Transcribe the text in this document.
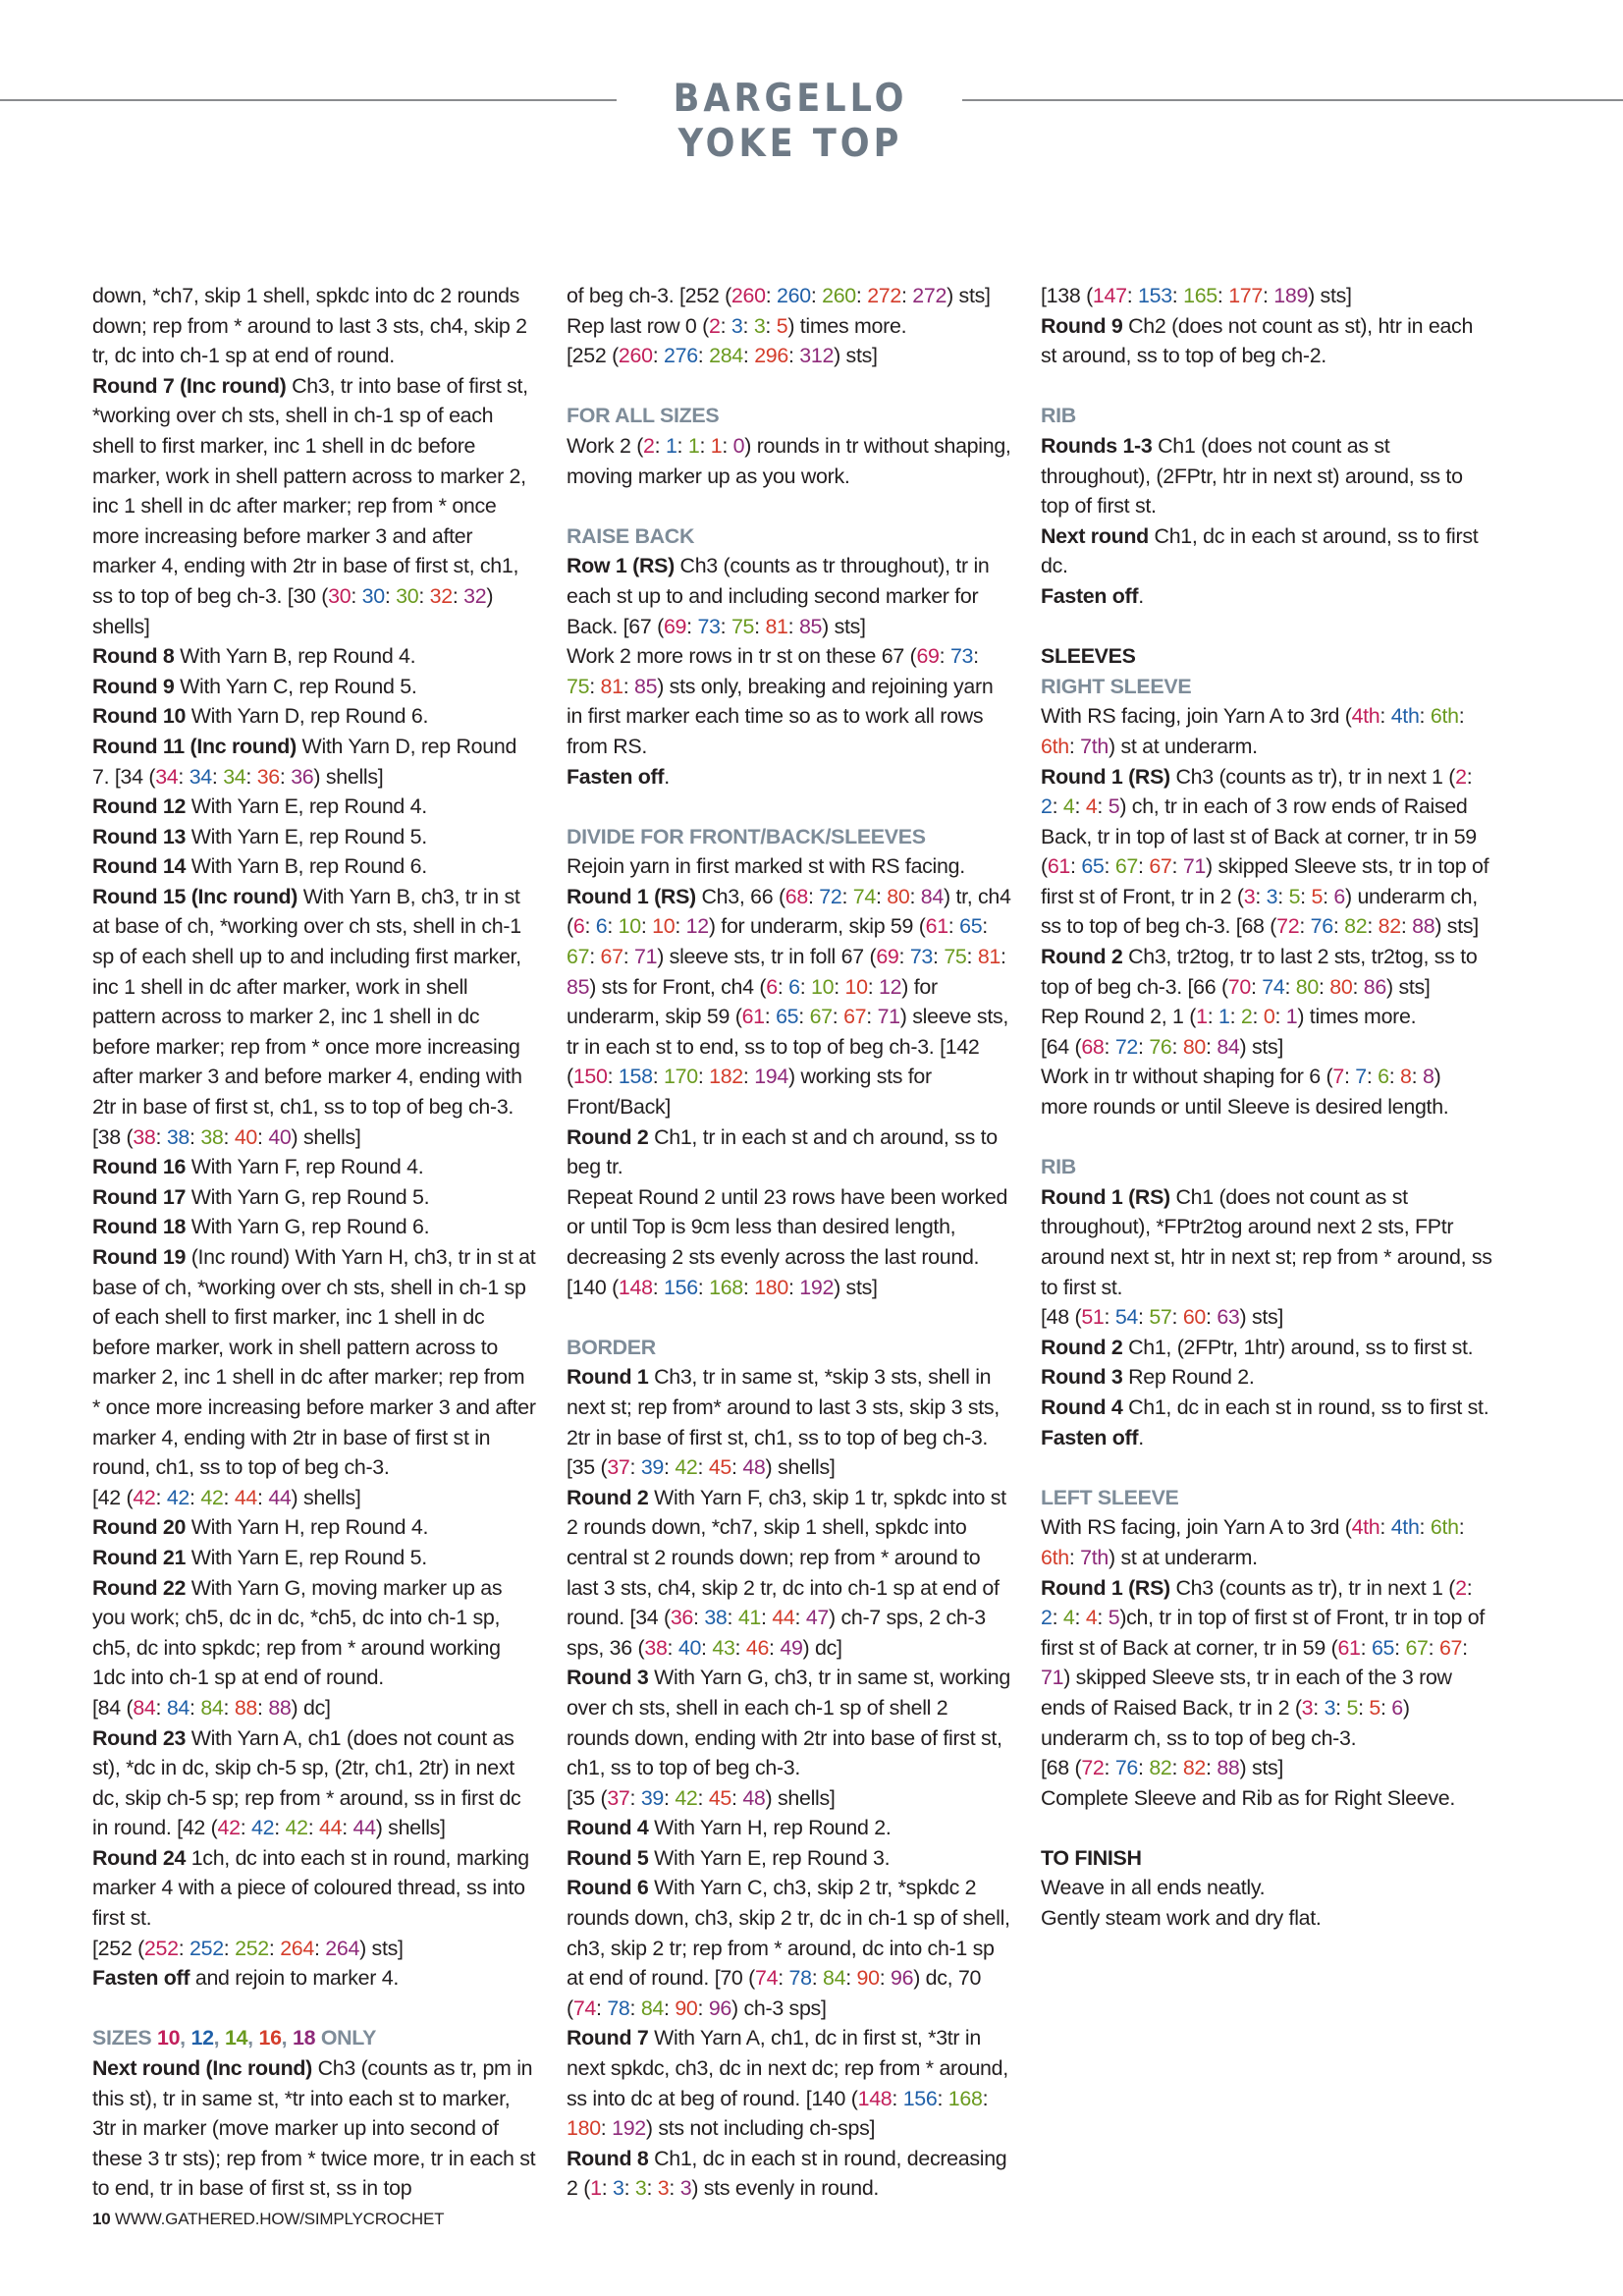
BARGELLO YOKE TOP

down, *ch7, skip 1 shell, spkdc into dc 2 rounds down; rep from * around to last 3 sts, ch4, skip 2 tr, dc into ch-1 sp at end of round.

Round 7 (Inc round) Ch3, tr into base of first st, *working over ch sts, shell in ch-1 sp of each shell to first marker, inc 1 shell in dc before marker, work in shell pattern across to marker 2, inc 1 shell in dc after marker; rep from * once more increasing before marker 3 and after marker 4, ending with 2tr in base of first st, ch1, ss to top of beg ch-3. [30 (30: 30: 30: 32: 32) shells]

Round 8 With Yarn B, rep Round 4.

Round 9 With Yarn C, rep Round 5.

Round 10 With Yarn D, rep Round 6.

Round 11 (Inc round) With Yarn D, rep Round 7. [34 (34: 34: 34: 36: 36) shells]

Round 12 With Yarn E, rep Round 4.

Round 13 With Yarn E, rep Round 5.

Round 14 With Yarn B, rep Round 6.

Round 15 (Inc round) With Yarn B, ch3, tr in st at base of ch, *working over ch sts, shell in ch-1 sp of each shell up to and including first marker, inc 1 shell in dc after marker, work in shell pattern across to marker 2, inc 1 shell in dc before marker; rep from * once more increasing after marker 3 and before marker 4, ending with 2tr in base of first st, ch1, ss to top of beg ch-3. [38 (38: 38: 38: 40: 40) shells]

Round 16 With Yarn F, rep Round 4.

Round 17 With Yarn G, rep Round 5.

Round 18 With Yarn G, rep Round 6.

Round 19 (Inc round) With Yarn H, ch3, tr in st at base of ch, *working over ch sts, shell in ch-1 sp of each shell to first marker, inc 1 shell in dc before marker, work in shell pattern across to marker 2, inc 1 shell in dc after marker; rep from * once more increasing before marker 3 and after marker 4, ending with 2tr in base of first st in round, ch1, ss to top of beg ch-3.

[42 (42: 42: 42: 44: 44) shells]

Round 20 With Yarn H, rep Round 4.

Round 21 With Yarn E, rep Round 5.

Round 22 With Yarn G, moving marker up as you work; ch5, dc in dc, *ch5, dc into ch-1 sp, ch5, dc into spkdc; rep from * around working 1dc into ch-1 sp at end of round.

[84 (84: 84: 84: 88: 88) dc]

Round 23 With Yarn A, ch1 (does not count as st), *dc in dc, skip ch-5 sp, (2tr, ch1, 2tr) in next dc, skip ch-5 sp; rep from * around, ss in first dc in round. [42 (42: 42: 42: 44: 44) shells]

Round 24 1ch, dc into each st in round, marking marker 4 with a piece of coloured thread, ss into first st.

[252 (252: 252: 252: 264: 264) sts]

Fasten off and rejoin to marker 4.

SIZES 10, 12, 14, 16, 18 ONLY

Next round (Inc round) Ch3 (counts as tr, pm in this st), tr in same st, *tr into each st to marker, 3tr in marker (move marker up into second of these 3 tr sts); rep from * twice more, tr in each st to end, tr in base of first st, ss in top

of beg ch-3. [252 (260: 260: 260: 272: 272) sts]

Rep last row 0 (2: 3: 3: 5) times more.

[252 (260: 276: 284: 296: 312) sts]

FOR ALL SIZES

Work 2 (2: 1: 1: 1: 0) rounds in tr without shaping, moving marker up as you work.

RAISE BACK

Row 1 (RS) Ch3 (counts as tr throughout), tr in each st up to and including second marker for Back. [67 (69: 73: 75: 81: 85) sts]

Work 2 more rows in tr st on these 67 (69: 73: 75: 81: 85) sts only, breaking and rejoining yarn in first marker each time so as to work all rows from RS.

Fasten off.

DIVIDE FOR FRONT/BACK/SLEEVES

Rejoin yarn in first marked st with RS facing.

Round 1 (RS) Ch3, 66 (68: 72: 74: 80: 84) tr, ch4 (6: 6: 10: 10: 12) for underarm, skip 59 (61: 65: 67: 67: 71) sleeve sts, tr in foll 67 (69: 73: 75: 81: 85) sts for Front, ch4 (6: 6: 10: 10: 12) for underarm, skip 59 (61: 65: 67: 67: 71) sleeve sts, tr in each st to end, ss to top of beg ch-3. [142 (150: 158: 170: 182: 194) working sts for Front/Back]

Round 2 Ch1, tr in each st and ch around, ss to beg tr.

Repeat Round 2 until 23 rows have been worked or until Top is 9cm less than desired length, decreasing 2 sts evenly across the last round. [140 (148: 156: 168: 180: 192) sts]

BORDER

Round 1 Ch3, tr in same st, *skip 3 sts, shell in next st; rep from* around to last 3 sts, skip 3 sts, 2tr in base of first st, ch1, ss to top of beg ch-3.

[35 (37: 39: 42: 45: 48) shells]

Round 2 With Yarn F, ch3, skip 1 tr, spkdc into st 2 rounds down, *ch7, skip 1 shell, spkdc into central st 2 rounds down; rep from * around to last 3 sts, ch4, skip 2 tr, dc into ch-1 sp at end of round. [34 (36: 38: 41: 44: 47) ch-7 sps, 2 ch-3 sps, 36 (38: 40: 43: 46: 49) dc]

Round 3 With Yarn G, ch3, tr in same st, working over ch sts, shell in each ch-1 sp of shell 2 rounds down, ending with 2tr into base of first st, ch1, ss to top of beg ch-3.

[35 (37: 39: 42: 45: 48) shells]

Round 4 With Yarn H, rep Round 2.

Round 5 With Yarn E, rep Round 3.

Round 6 With Yarn C, ch3, skip 2 tr, *spkdc 2 rounds down, ch3, skip 2 tr, dc in ch-1 sp of shell, ch3, skip 2 tr; rep from * around, dc into ch-1 sp at end of round. [70 (74: 78: 84: 90: 96) dc, 70 (74: 78: 84: 90: 96) ch-3 sps]

Round 7 With Yarn A, ch1, dc in first st, *3tr in next spkdc, ch3, dc in next dc; rep from * around, ss into dc at beg of round. [140 (148: 156: 168: 180: 192) sts not including ch-sps]

Round 8 Ch1, dc in each st in round, decreasing 2 (1: 3: 3: 3: 3) sts evenly in round.

[138 (147: 153: 165: 177: 189) sts]

Round 9 Ch2 (does not count as st), htr in each st around, ss to top of beg ch-2.

RIB

Rounds 1-3 Ch1 (does not count as st throughout), (2FPtr, htr in next st) around, ss to top of first st.

Next round Ch1, dc in each st around, ss to first dc.

Fasten off.

SLEEVES
RIGHT SLEEVE

With RS facing, join Yarn A to 3rd (4th: 4th: 6th: 6th: 7th) st at underarm.

Round 1 (RS) Ch3 (counts as tr), tr in next 1 (2: 2: 4: 4: 5) ch, tr in each of 3 row ends of Raised Back, tr in top of last st of Back at corner, tr in 59 (61: 65: 67: 67: 71) skipped Sleeve sts, tr in top of first st of Front, tr in 2 (3: 3: 5: 5: 6) underarm ch, ss to top of beg ch-3. [68 (72: 76: 82: 82: 88) sts]

Round 2 Ch3, tr2tog, tr to last 2 sts, tr2tog, ss to top of beg ch-3. [66 (70: 74: 80: 80: 86) sts]

Rep Round 2, 1 (1: 1: 2: 0: 1) times more.

[64 (68: 72: 76: 80: 84) sts]

Work in tr without shaping for 6 (7: 7: 6: 8: 8) more rounds or until Sleeve is desired length.

RIB

Round 1 (RS) Ch1 (does not count as st throughout), *FPtr2tog around next 2 sts, FPtr around next st, htr in next st; rep from * around, ss to first st.

[48 (51: 54: 57: 60: 63) sts]

Round 2 Ch1, (2FPtr, 1htr) around, ss to first st.

Round 3 Rep Round 2.

Round 4 Ch1, dc in each st in round, ss to first st.

Fasten off.

LEFT SLEEVE

With RS facing, join Yarn A to 3rd (4th: 4th: 6th: 6th: 7th) st at underarm.

Round 1 (RS) Ch3 (counts as tr), tr in next 1 (2: 2: 4: 4: 5)ch, tr in top of first st of Front, tr in top of first st of Back at corner, tr in 59 (61: 65: 67: 67: 71) skipped Sleeve sts, tr in each of the 3 row ends of Raised Back, tr in 2 (3: 3: 5: 5: 6) underarm ch, ss to top of beg ch-3.

[68 (72: 76: 82: 82: 88) sts]

Complete Sleeve and Rib as for Right Sleeve.

TO FINISH

Weave in all ends neatly.

Gently steam work and dry flat.

10 WWW.GATHERED.HOW/SIMPLYCROCHET
